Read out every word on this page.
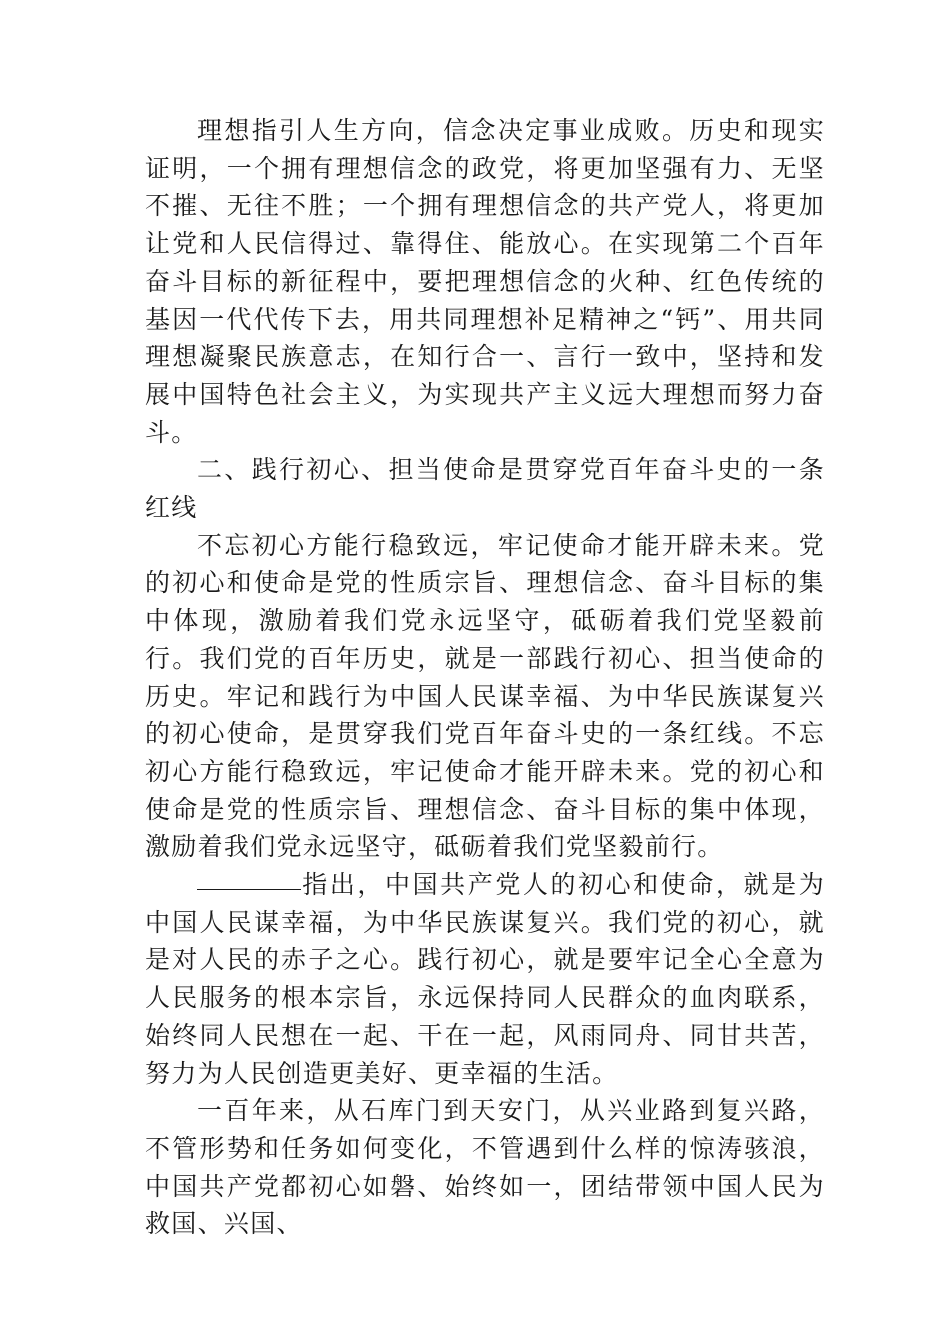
理想指引人生方向，信念决定事业成败。历史和现实证明，一个拥有理想信念的政党，将更加坚强有力、无坚不摧、无往不胜；一个拥有理想信念的共产党人，将更加让党和人民信得过、靠得住、能放心。在实现第二个百年奋斗目标的新征程中，要把理想信念的火种、红色传统的基因一代代传下去，用共同理想补足精神之“钙”、用共同理想凝聚民族意志，在知行合一、言行一致中，坚持和发展中国特色社会主义，为实现共产主义远大理想而努力奋斗。

二、践行初心、担当使命是贯穿党百年奋斗史的一条红线

不忘初心方能行稳致远，牢记使命才能开辟未来。党的初心和使命是党的性质宗旨、理想信念、奋斗目标的集中体现，激励着我们党永远坚守，砥砺着我们党坚毅前行。我们党的百年历史，就是一部践行初心、担当使命的历史。牢记和践行为中国人民谋幸福、为中华民族谋复兴的初心使命，是贯穿我们党百年奋斗史的一条红线。不忘初心方能行稳致远，牢记使命才能开辟未来。党的初心和使命是党的性质宗旨、理想信念、奋斗目标的集中体现，激励着我们党永远坚守，砥砺着我们党坚毅前行。

指出，中国共产党人的初心和使命，就是为中国人民谋幸福，为中华民族谋复兴。我们党的初心，就是对人民的赤子之心。践行初心，就是要牢记全心全意为人民服务的根本宗旨，永远保持同人民群众的血肉联系，始终同人民想在一起、干在一起，风雨同舟、同甘共苦，努力为人民创造更美好、更幸福的生活。

一百年来，从石库门到天安门，从兴业路到复兴路，不管形势和任务如何变化，不管遇到什么样的惊涛骇浪，中国共产党都初心如磐、始终如一，团结带领中国人民为救国、兴国、
